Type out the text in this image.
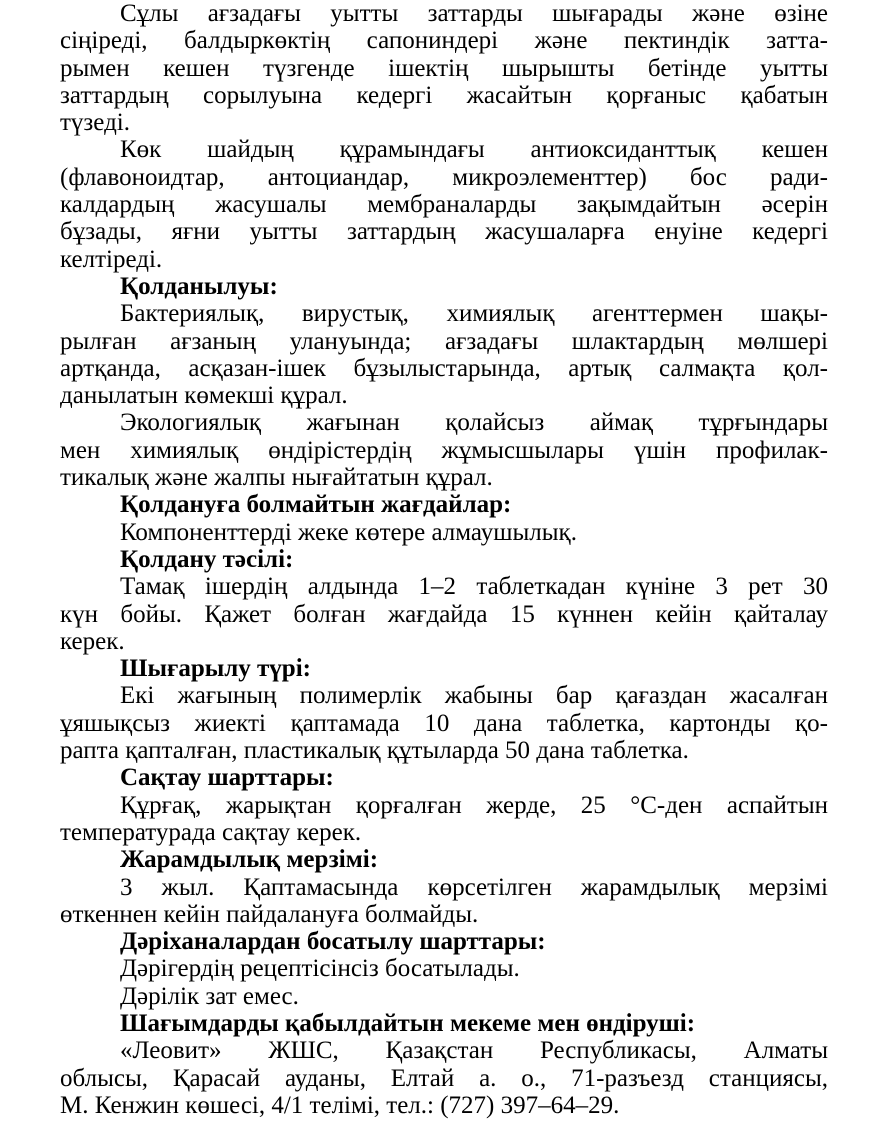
Сұлы ағзадағы уытты заттарды шығарады және өзіне
сіңіреді, балдыркөктің сапониндері және пектиндік затта-
рымен кешен түзгенде ішектің шырышты бетінде уытты
заттардың сорылуына кедергі жасайтын қорғаныс қабатын
түзеді.
Көк шайдың құрамындағы антиоксиданттық кешен
(флавоноидтар, антоциандар, микроэлементтер) бос ради-
калдардың жасушалы мембраналарды зақымдайтын әсерін
бұзады, яғни уытты заттардың жасушаларға енуіне кедергі
келтіреді.
Қолданылуы:
Бактериялық, вирустық, химиялық агенттермен шақы-
рылған ағзаның улануында; ағзадағы шлактардың мөлшері
артқанда, асқазан-ішек бұзылыстарында, артық салмақта қол-
данылатын көмекші құрал.
Экологиялық жағынан қолайсыз аймақ тұрғындары
мен химиялық өндірістердің жұмысшылары үшін профилак-
тикалық және жалпы нығайтатын құрал.
Қолдануға болмайтын жағдайлар:
Компоненттерді жеке көтере алмаушылық.
Қолдану тәсілі:
Тамақ ішердің алдында 1–2 таблеткадан күніне 3 рет 30
күн бойы. Қажет болған жағдайда 15 күннен кейін қайталау
керек.
Шығарылу түрі:
Екі жағының полимерлік жабыны бар қағаздан жасалған
ұяшықсыз жиекті қаптамада 10 дана таблетка, картонды қо-
рапта қапталған, пластикалық құтыларда 50 дана таблетка.
Сақтау шарттары:
Құрғақ, жарықтан қорғалған жерде, 25 °С-ден аспайтын
температурада сақтау керек.
Жарамдылық мерзімі:
3 жыл. Қаптамасында көрсетілген жарамдылық мерзімі
өткеннен кейін пайдалануға болмайды.
Дәріханалардан босатылу шарттары:
Дәрігердің рецептісінсіз босатылады.
Дәрілік зат емес.
Шағымдарды қабылдайтын мекеме мен өндіруші:
«Леовит» ЖШС, Қазақстан Республикасы, Алматы
облысы, Қарасай ауданы, Елтай а. о., 71-разъезд станциясы,
М. Кенжин көшесі, 4/1 телімі, тел.: (727) 397–64–29.
